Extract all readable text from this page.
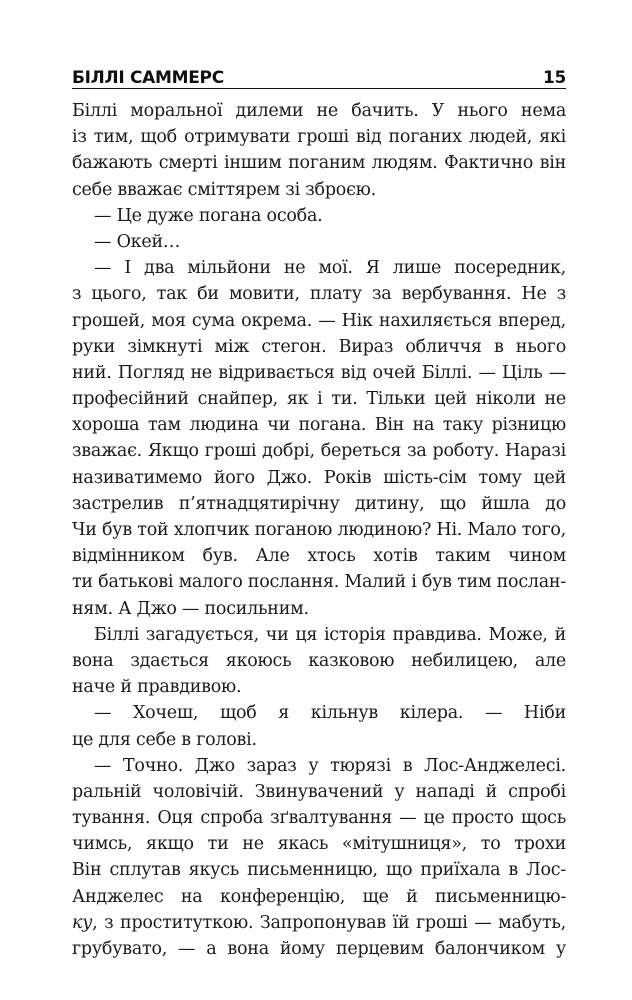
БІЛЛІ САММЕРС	15
Біллі моральної дилеми не бачить. У нього нема
із тим, щоб отримувати гроші від поганих людей, які
бажають смерті іншим поганим людям. Фактично він
себе вважає сміттярем зі зброєю.
— Це дуже погана особа.
— Окей…
— І два мільйони не мої. Я лише посередник,
з цього, так би мовити, плату за вербування. Не з
грошей, моя сума окрема. — Нік нахиляється вперед,
руки зімкнуті між стегон. Вираз обличчя в нього
ний. Погляд не відривається від очей Біллі. — Ціль —
професійний снайпер, як і ти. Тільки цей ніколи не
хороша там людина чи погана. Він на таку різницю
зважає. Якщо гроші добрі, береться за роботу. Наразі
називатимемо його Джо. Років шість-сім тому цей
застрелив п’ятнадцятирічну дитину, що йшла до
Чи був той хлопчик поганою людиною? Ні. Мало того,
відмінником був. Але хтось хотів таким чином
ти батькові малого послання. Малий і був тим послан-
ням. А Джо — посильним.
Біллі загадується, чи ця історія правдива. Може, й
вона здається якоюсь казковою небилицею, але
наче й правдивою.
— Хочеш, щоб я кільнув кілера. — Ніби
це для себе в голові.
— Точно. Джо зараз у тюрязі в Лос-Анджелесі.
ральній чоловічій. Звинувачений у нападі й спробі
тування. Оця спроба зґвалтування — це просто щось
чимсь, якщо ти не якась «мітушниця», то трохи
Він сплутав якусь письменницю, що приїхала в Лос-
Анджелес на конференцію, ще й письменницю-
ку, з проституткою. Запропонував їй гроші — мабуть,
грубувато, — а вона йому перцевим балончиком у
